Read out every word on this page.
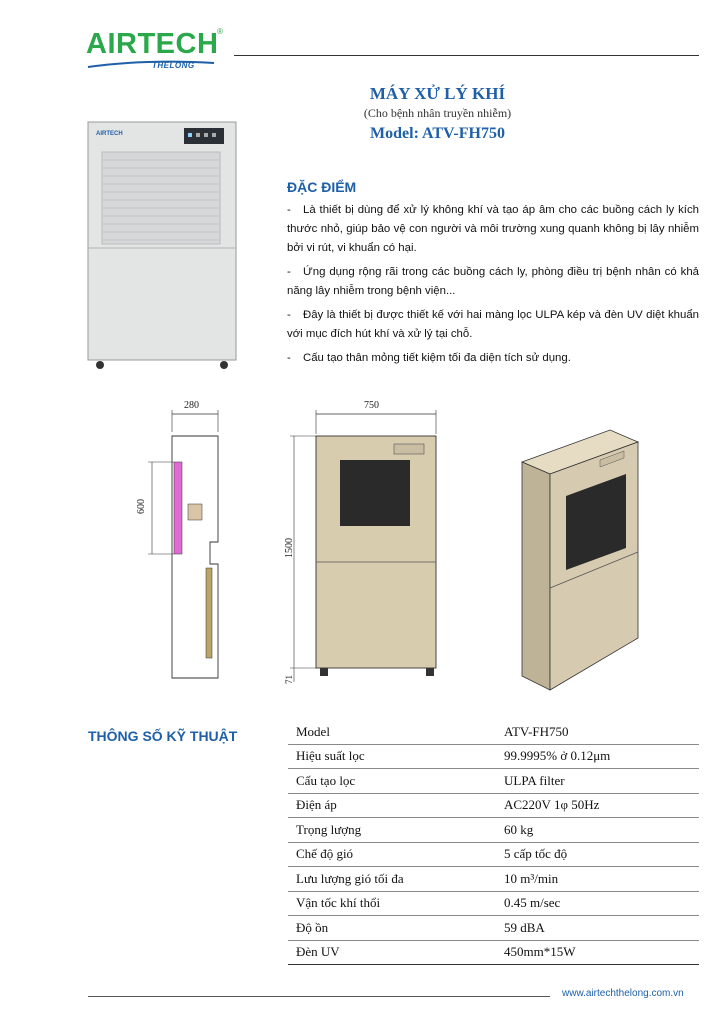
AIRTECH
®
THELONG
MÁY XỬ LÝ KHÍ
(Cho bệnh nhân truyền nhiễm)
Model: ATV-FH750
AIRTECH
ĐẶC ĐIỂM
- Là thiết bị dùng để xử lý không khí và tạo áp âm cho các buồng cách ly kích thước nhỏ, giúp bảo vệ con người và môi trường xung quanh không bị lây nhiễm bởi vi rút, vi khuẩn có hại.
- Ứng dụng rộng rãi trong các buồng cách ly, phòng điều trị bệnh nhân có khả năng lây nhiễm trong bệnh viện...
- Đây là thiết bị được thiết kế với hai màng lọc ULPA kép và đèn UV diệt khuẩn với mục đích hút khí và xử lý tại chỗ.
- Cấu tạo thân mỏng tiết kiệm tối đa diện tích sử dụng.
280
600
750
1500
71
THÔNG SỐ KỸ THUẬT	Model	ATV-FH750
Hiệu suất lọc	99.9995% ở 0.12μm
Cấu tạo lọc	ULPA filter
Điện áp	AC220V 1φ 50Hz
Trọng lượng	60 kg
Chế độ gió	5 cấp tốc độ
Lưu lượng gió tối đa	10 m³/min
Vận tốc khí thổi	0.45 m/sec
Độ ồn	59 dBA
Đèn UV	450mm*15W
www.airtechthelong.com.vn
